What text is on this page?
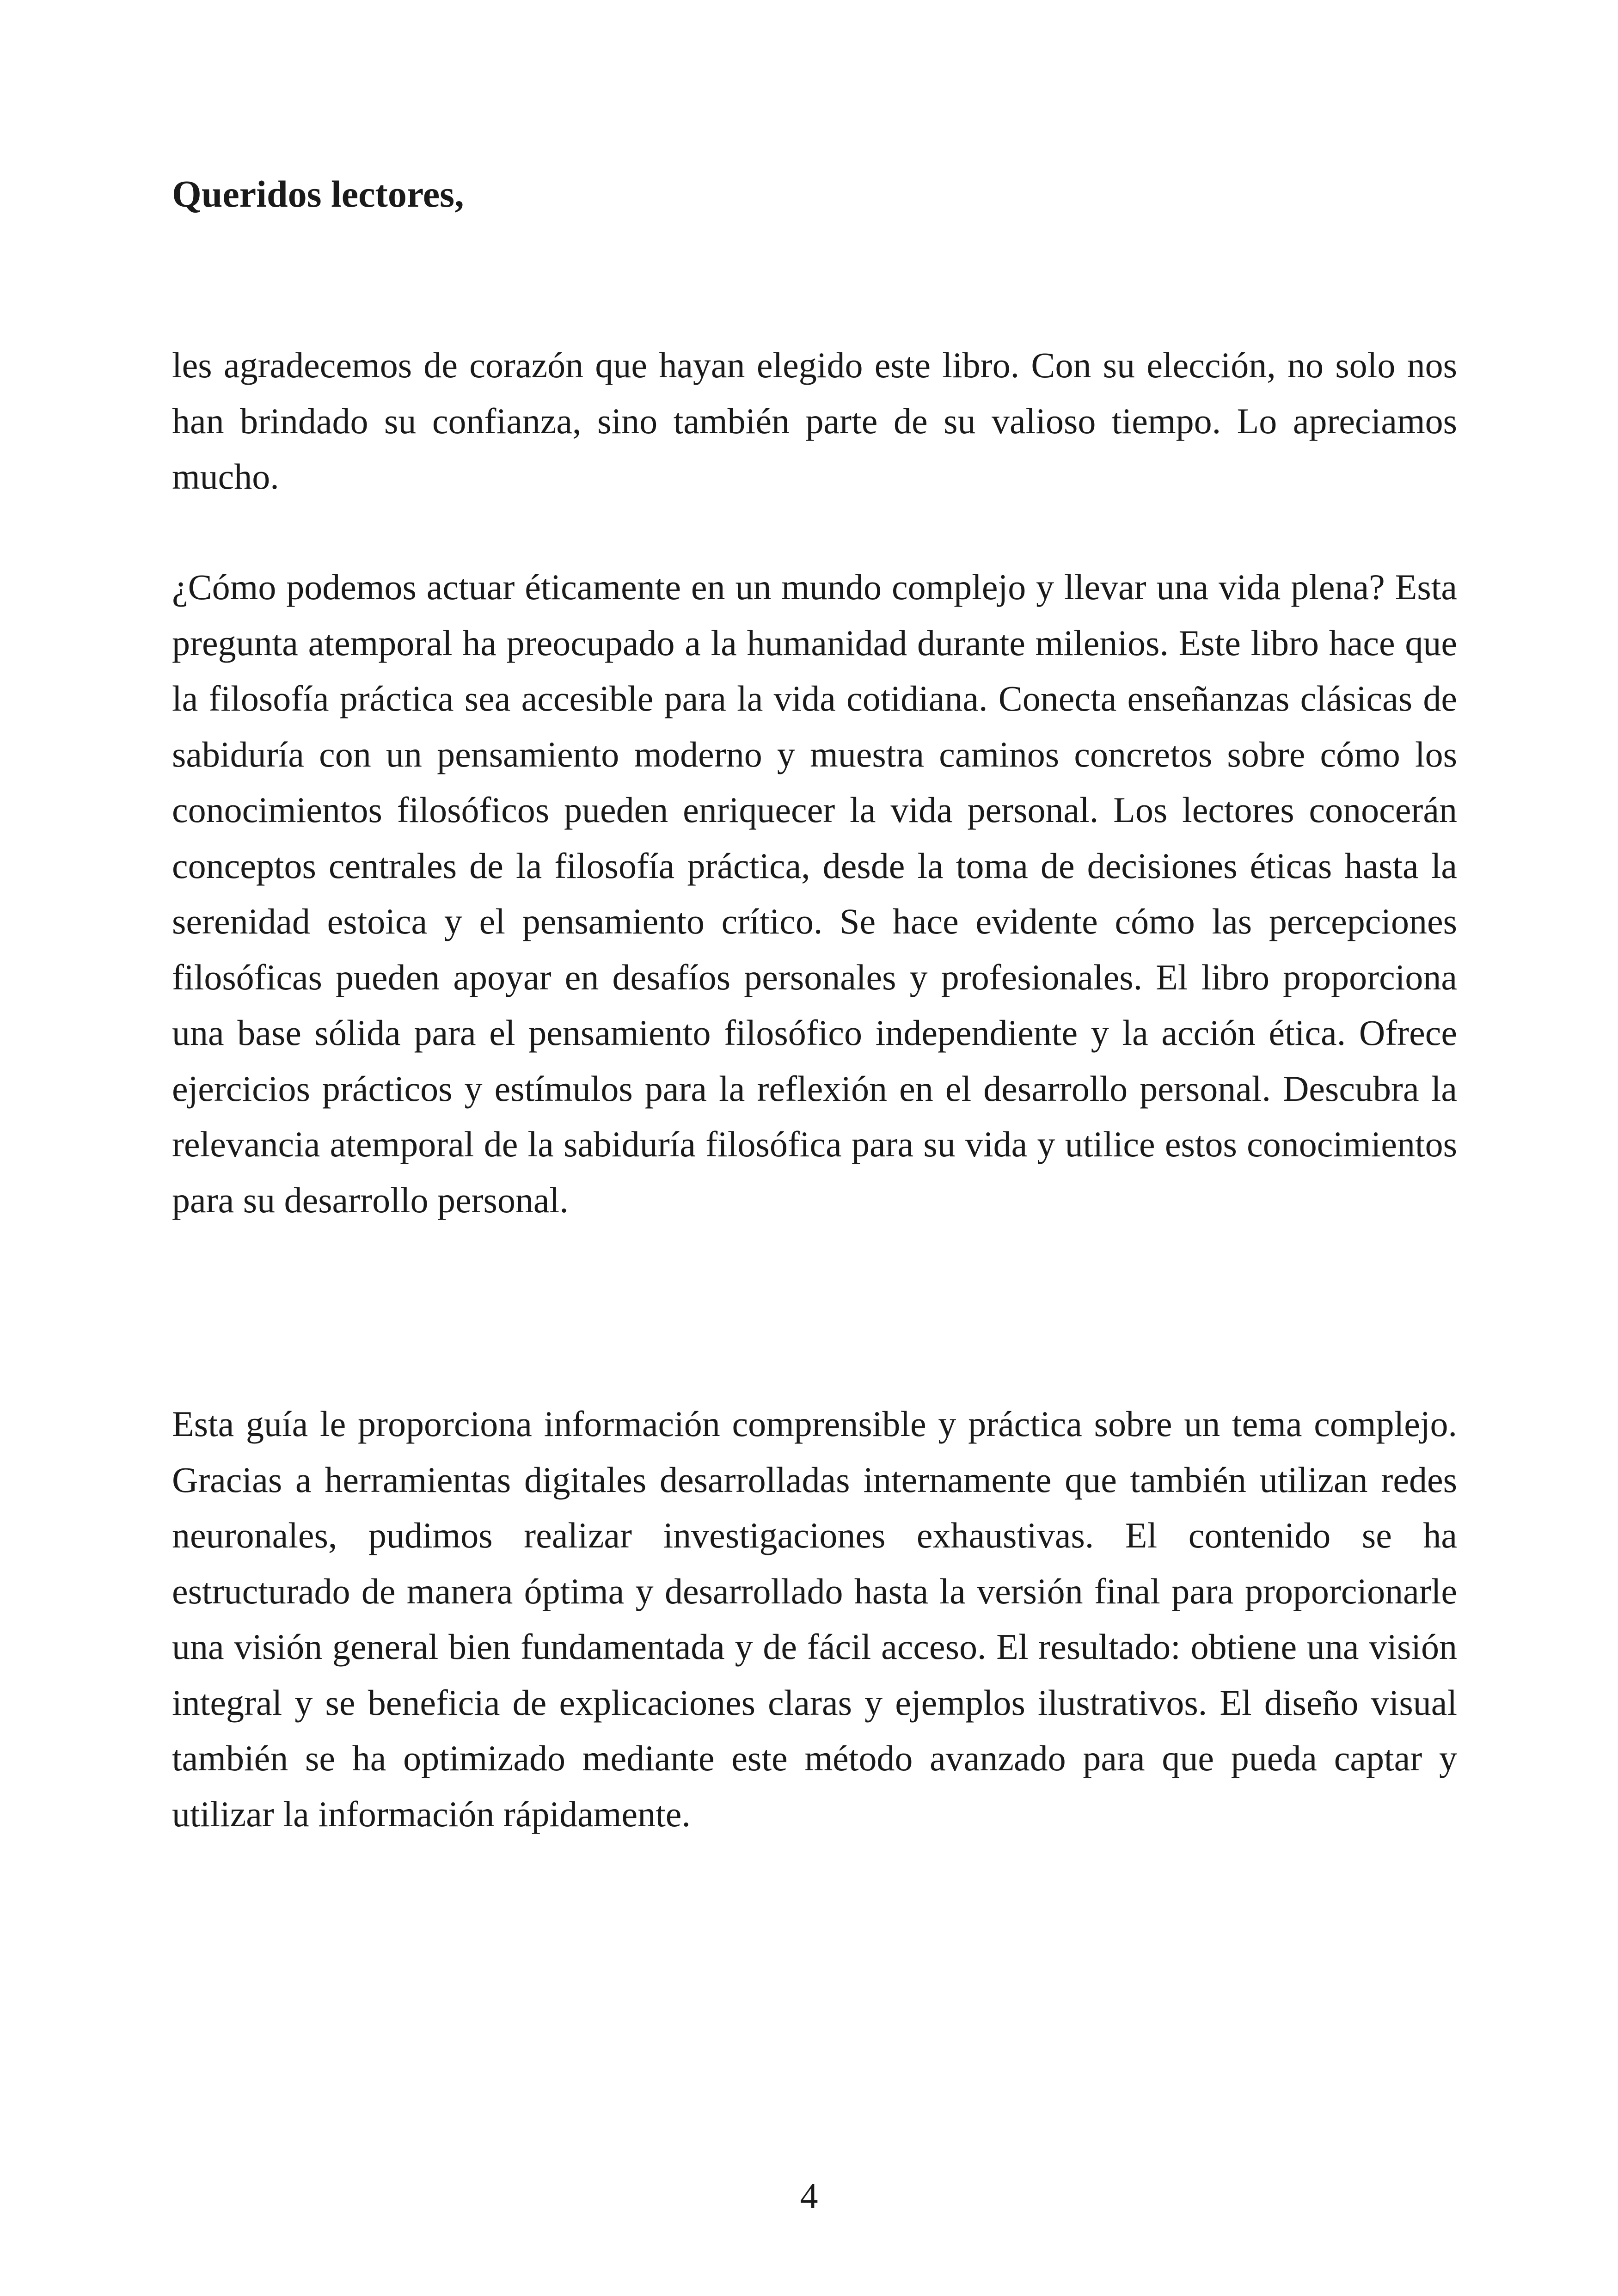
Queridos lectores,

les agradecemos de corazón que hayan elegido este libro. Con su elección, no solo nos han brindado su confianza, sino también parte de su valioso tiempo. Lo apreciamos mucho.

¿Cómo podemos actuar éticamente en un mundo complejo y llevar una vida plena? Esta pregunta atemporal ha preocupado a la humanidad durante milenios. Este libro hace que la filosofía práctica sea accesible para la vida cotidiana. Conecta enseñanzas clásicas de sabiduría con un pensamiento moderno y muestra caminos concretos sobre cómo los conocimientos filosóficos pueden enriquecer la vida personal. Los lectores conocerán conceptos centrales de la filosofía práctica, desde la toma de decisiones éticas hasta la serenidad estoica y el pensamiento crítico. Se hace evidente cómo las percepciones filosóficas pueden apoyar en desafíos personales y profesionales. El libro proporciona una base sólida para el pensamiento filosófico independiente y la acción ética. Ofrece ejercicios prácticos y estímulos para la reflexión en el desarrollo personal. Descubra la relevancia atemporal de la sabiduría filosófica para su vida y utilice estos conocimientos para su desarrollo personal.

Esta guía le proporciona información comprensible y práctica sobre un tema complejo. Gracias a herramientas digitales desarrolladas internamente que también utilizan redes neuronales, pudimos realizar investigaciones exhaustivas. El contenido se ha estructurado de manera óptima y desarrollado hasta la versión final para proporcionarle una visión general bien fundamentada y de fácil acceso. El resultado: obtiene una visión integral y se beneficia de explicaciones claras y ejemplos ilustrativos. El diseño visual también se ha optimizado mediante este método avanzado para que pueda captar y utilizar la información rápidamente.

4
